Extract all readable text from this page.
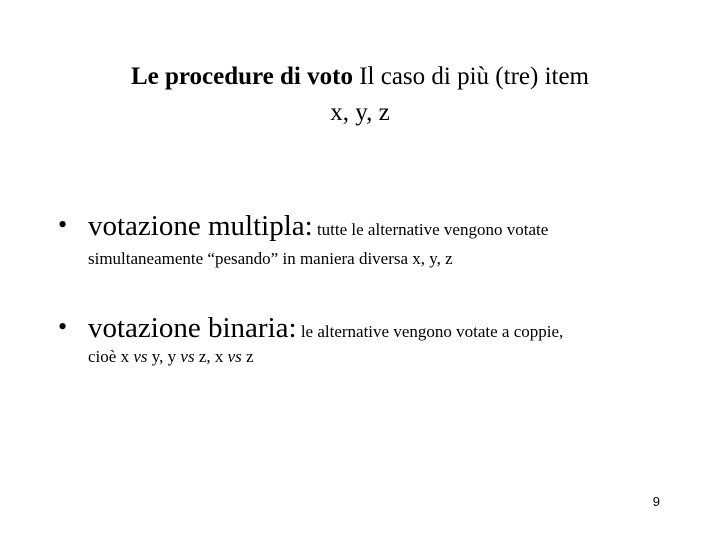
Le procedure di voto Il caso di più (tre) item
x, y, z
• votazione multipla: tutte le alternative vengono votate
simultaneamente “pesando” in maniera diversa x, y, z
• votazione binaria: le alternative vengono votate a coppie,
cioè x vs y, y vs z, x vs z
9
